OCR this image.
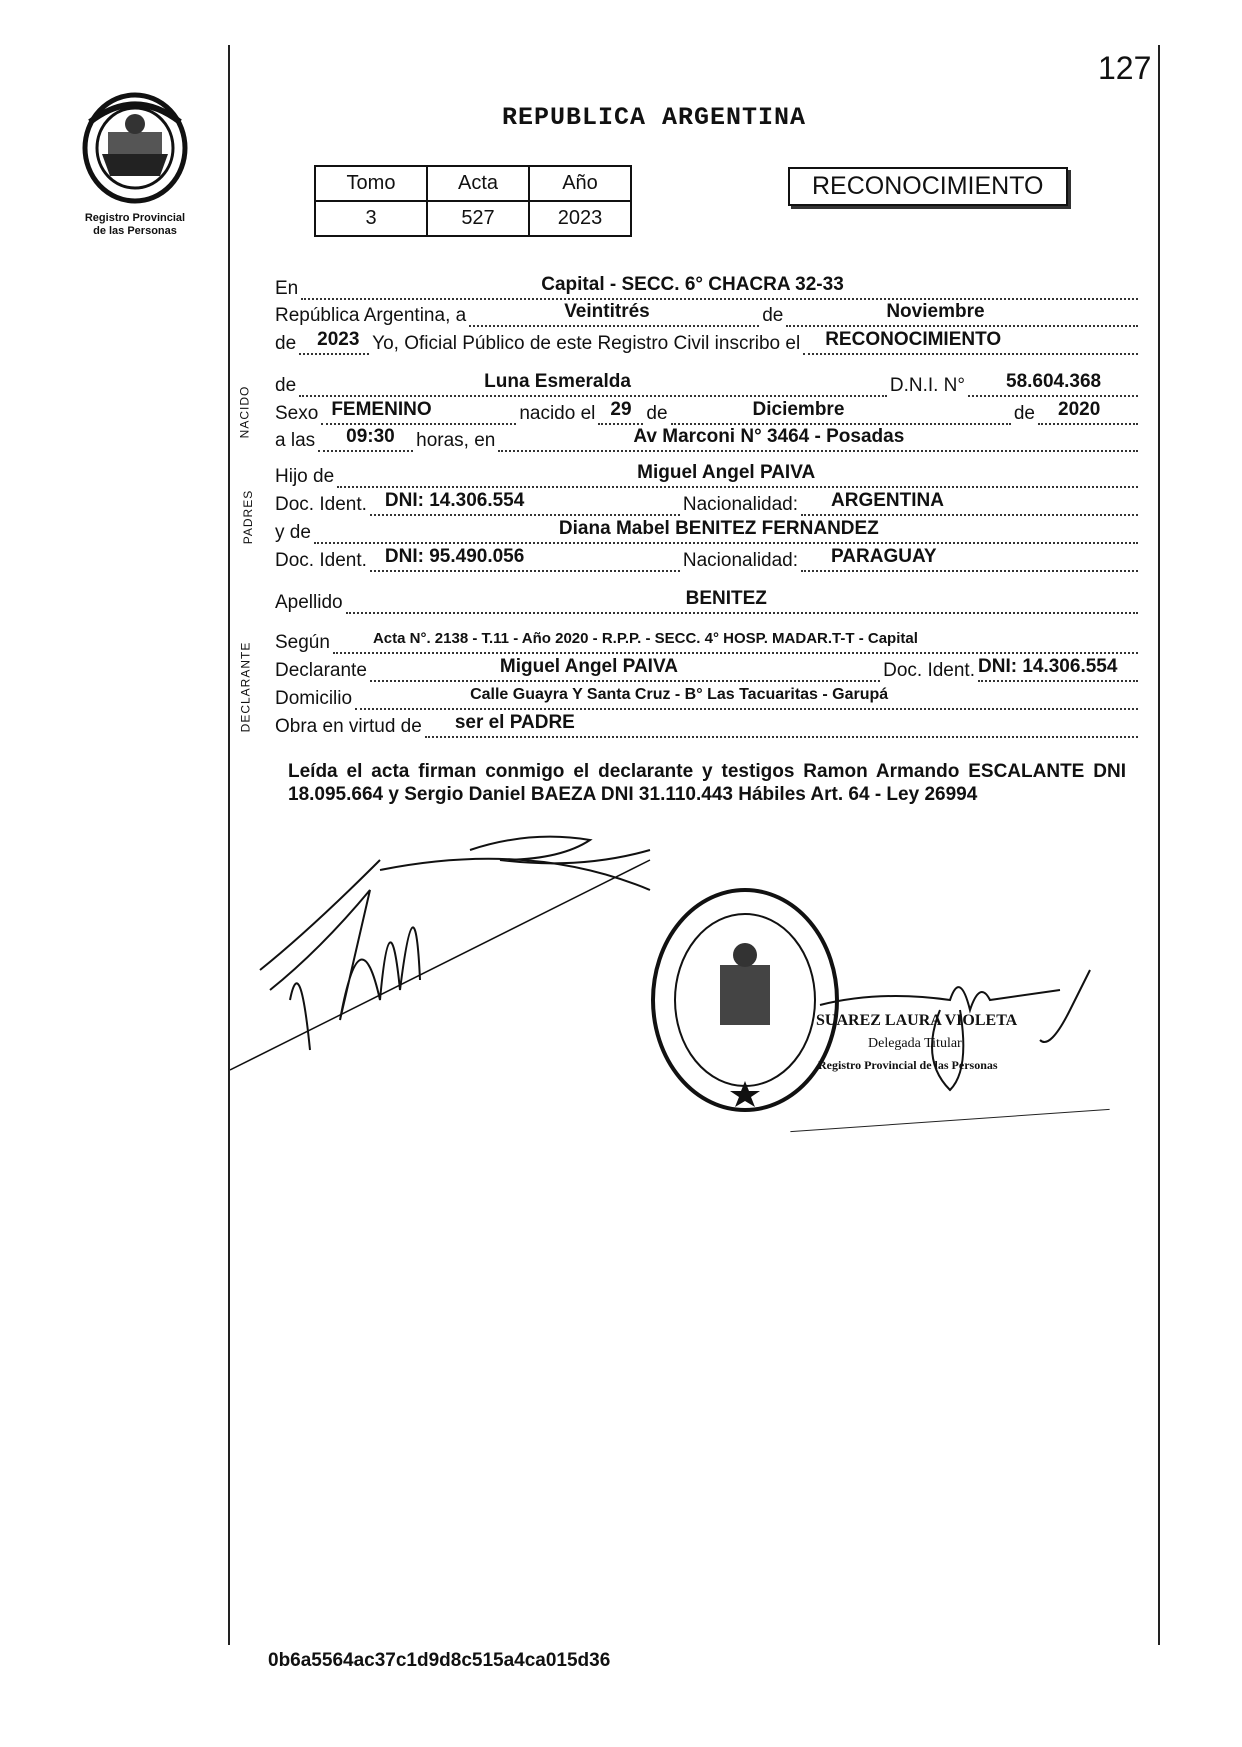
127
Registro Provincial
de las Personas
REPUBLICA ARGENTINA
Tomo	Acta	Año
3	527	2023
RECONOCIMIENTO
En	Capital - SECC. 6° CHACRA 32-33
República Argentina, a	Veintitrés	de	Noviembre
de 2023 Yo, Oficial Público de este Registro Civil inscribo el RECONOCIMIENTO
NACIDO
de	Luna Esmeralda	D.N.I. N° 58.604.368
Sexo FEMENINO	nacido el 29 de	Diciembre	de 2020
a las 09:30 horas, en	Av Marconi N° 3464 - Posadas
PADRES
Hijo de	Miguel Angel PAIVA
Doc. Ident. DNI: 14.306.554	Nacionalidad: ARGENTINA
y de	Diana Mabel BENITEZ FERNANDEZ
Doc. Ident. DNI: 95.490.056	Nacionalidad: PARAGUAY
Apellido	BENITEZ
DECLARANTE Según	Acta N°. 2138 - T.11 - Año 2020 - R.P.P. - SECC. 4° HOSP. MADAR.T-T - Capital
Declarante	Miguel Angel PAIVA	Doc. Ident. DNI: 14.306.554
Domicilio	Calle Guayra Y Santa Cruz - B° Las Tacuaritas - Garupá
Obra en virtud de ser el PADRE
Leída el acta firman conmigo el declarante y testigos Ramon Armando ESCALANTE DNI 18.095.664 y Sergio Daniel BAEZA DNI 31.110.443 Hábiles Art. 64 - Ley 26994
SUAREZ LAURA VIOLETA
Delegada Titular
Registro Provincial de las Personas
0b6a5564ac37c1d9d8c515a4ca015d36
